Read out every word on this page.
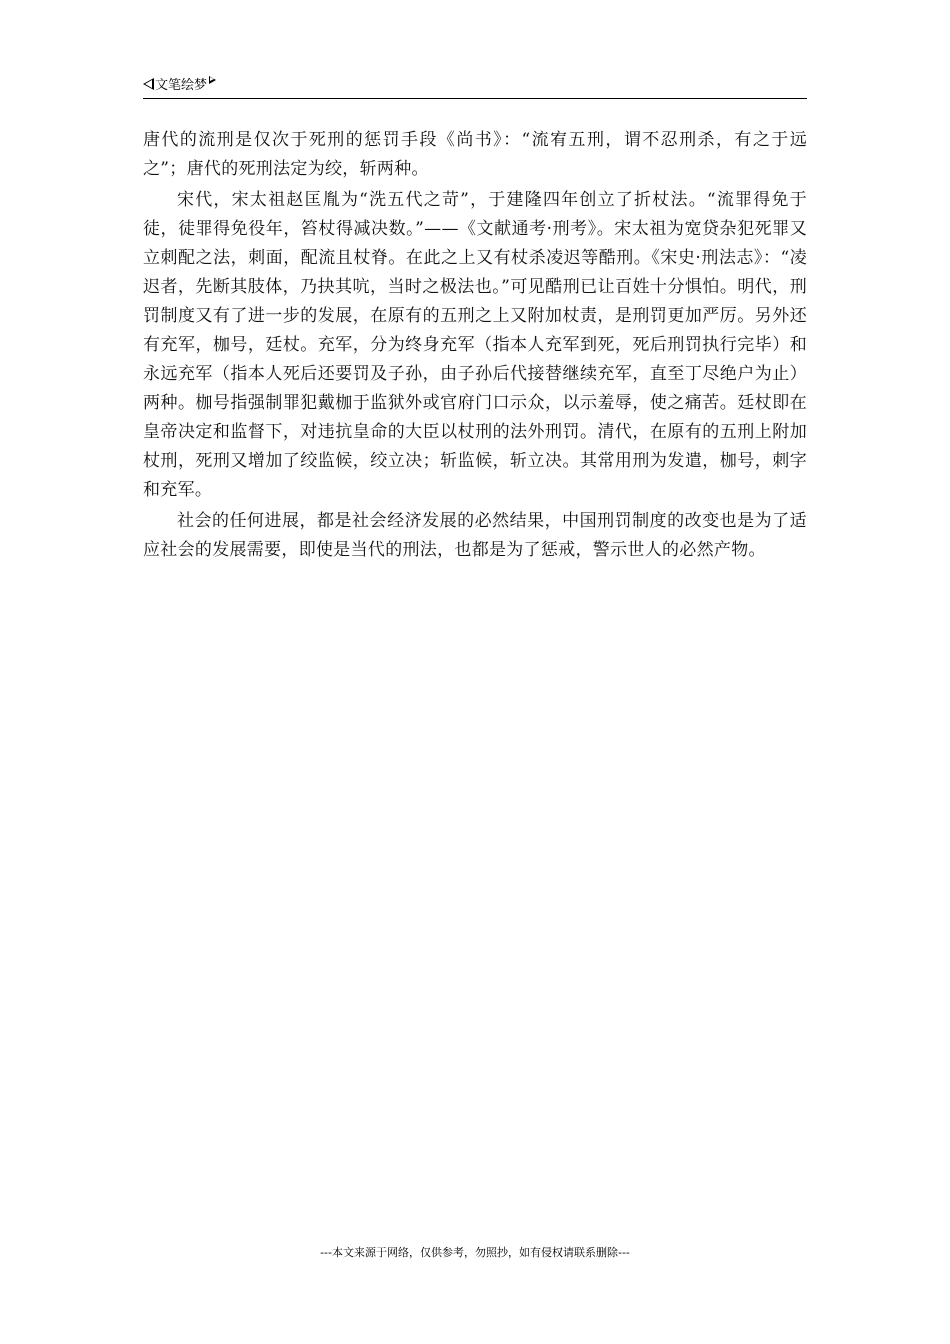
文笔绘梦

唐代的流刑是仅次于死刑的惩罚手段《尚书》：“流宥五刑，谓不忍刑杀，有之于远之”；唐代的死刑法定为绞，斩两种。

宋代，宋太祖赵匡胤为“洗五代之苛”，于建隆四年创立了折杖法。“流罪得免于徒，徒罪得免役年，笞杖得减决数。”——《文献通考·刑考》。宋太祖为宽贷杂犯死罪又立刺配之法，刺面，配流且杖脊。在此之上又有杖杀凌迟等酷刑。《宋史·刑法志》：“凌迟者，先断其肢体，乃抉其吭，当时之极法也。”可见酷刑已让百姓十分惧怕。明代，刑罚制度又有了进一步的发展，在原有的五刑之上又附加杖责，是刑罚更加严厉。另外还有充军，枷号，廷杖。充军，分为终身充军（指本人充军到死，死后刑罚执行完毕）和永远充军（指本人死后还要罚及子孙，由子孙后代接替继续充军，直至丁尽绝户为止）两种。枷号指强制罪犯戴枷于监狱外或官府门口示众，以示羞辱，使之痛苦。廷杖即在皇帝决定和监督下，对违抗皇命的大臣以杖刑的法外刑罚。清代，在原有的五刑上附加杖刑，死刑又增加了绞监候，绞立决；斩监候，斩立决。其常用刑为发遣，枷号，刺字和充军。

社会的任何进展，都是社会经济发展的必然结果，中国刑罚制度的改变也是为了适应社会的发展需要，即使是当代的刑法，也都是为了惩戒，警示世人的必然产物。

---本文来源于网络，仅供参考，勿照抄，如有侵权请联系删除---
